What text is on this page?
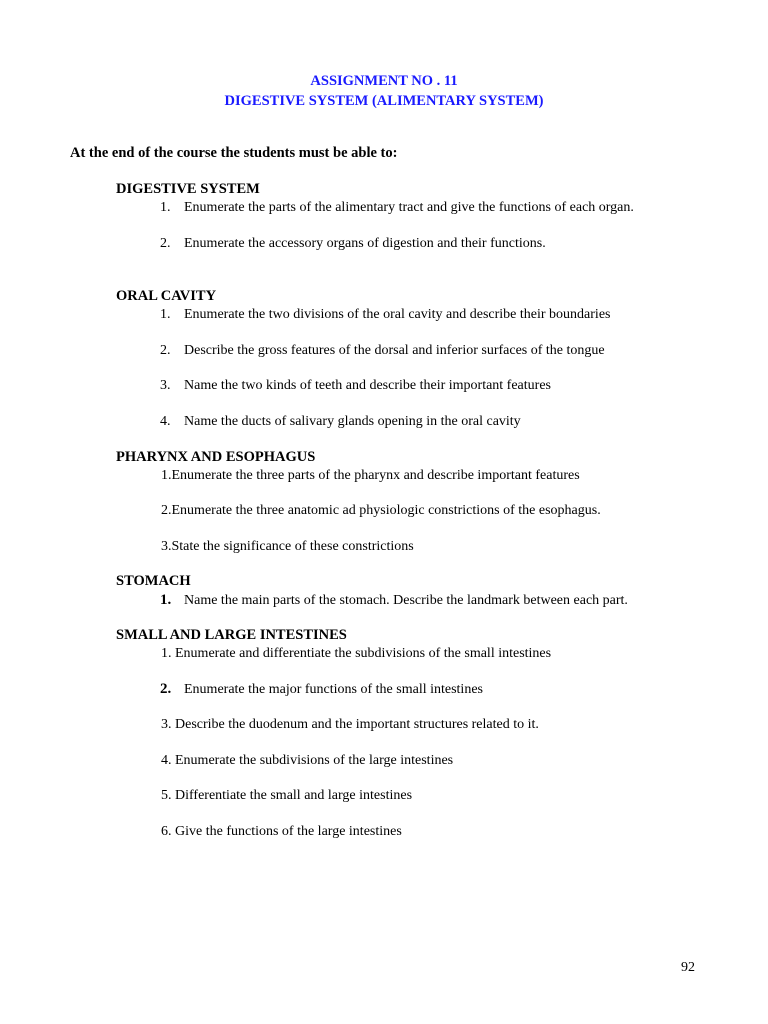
ASSIGNMENT NO . 11
DIGESTIVE SYSTEM (ALIMENTARY SYSTEM)
At the end of the course the students must be able to:
DIGESTIVE SYSTEM
1. Enumerate the parts of the alimentary tract and give the functions of each organ.
2. Enumerate the accessory organs of digestion and their functions.
ORAL CAVITY
1. Enumerate the two divisions of the oral cavity and describe their boundaries
2. Describe the gross features of the dorsal and inferior surfaces of the tongue
3. Name the two kinds of teeth and describe their important features
4. Name the ducts of salivary glands opening in the oral cavity
PHARYNX AND ESOPHAGUS
1.Enumerate the three parts of the pharynx and describe important features
2.Enumerate the three anatomic ad physiologic constrictions of the esophagus.
3.State the significance of these constrictions
STOMACH
1. Name the main parts of the stomach. Describe the landmark between each part.
SMALL AND LARGE INTESTINES
1. Enumerate and differentiate the subdivisions of the small intestines
2. Enumerate the major functions of the small intestines
3. Describe the duodenum and the important structures related to it.
4. Enumerate the subdivisions of the large intestines
5. Differentiate the small and large intestines
6. Give the functions of the large intestines
92
